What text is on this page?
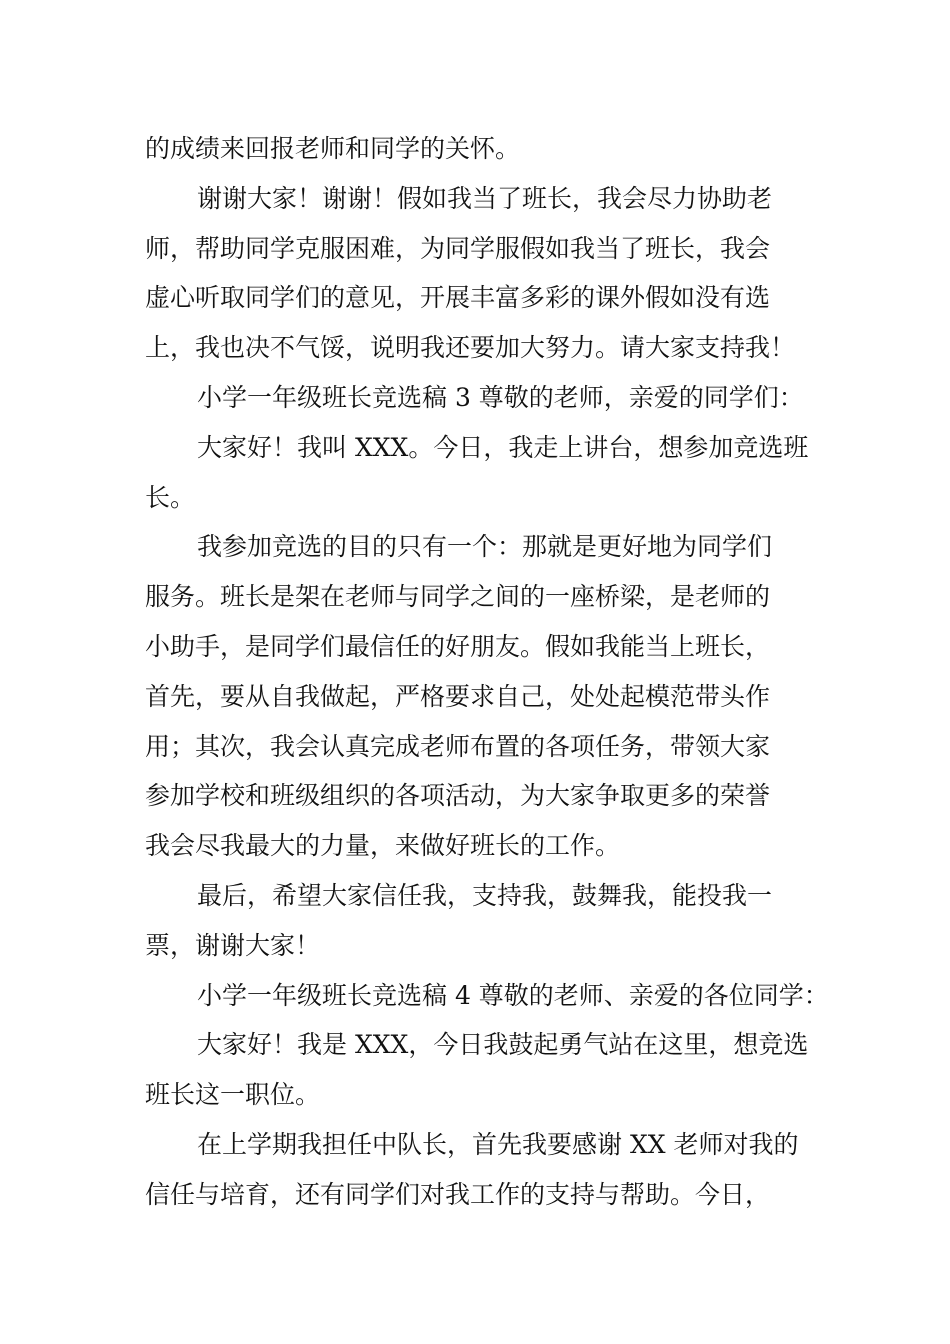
的成绩来回报老师和同学的关怀。
谢谢大家！谢谢！假如我当了班长，我会尽力协助老
师，帮助同学克服困难，为同学服假如我当了班长，我会
虚心听取同学们的意见，开展丰富多彩的课外假如没有选
上，我也决不气馁，说明我还要加大努力。请大家支持我！
小学一年级班长竞选稿 3 尊敬的老师，亲爱的同学们：
大家好！我叫 XXX。今日，我走上讲台，想参加竞选班
长。
我参加竞选的目的只有一个：那就是更好地为同学们
服务。班长是架在老师与同学之间的一座桥梁，是老师的
小助手，是同学们最信任的好朋友。假如我能当上班长，
首先，要从自我做起，严格要求自己，处处起模范带头作
用；其次，我会认真完成老师布置的各项任务，带领大家
参加学校和班级组织的各项活动，为大家争取更多的荣誉
我会尽我最大的力量，来做好班长的工作。
最后，希望大家信任我，支持我，鼓舞我，能投我一
票，谢谢大家！
小学一年级班长竞选稿 4 尊敬的老师、亲爱的各位同学：
大家好！我是 XXX，今日我鼓起勇气站在这里，想竞选
班长这一职位。
在上学期我担任中队长，首先我要感谢 XX 老师对我的
信任与培育，还有同学们对我工作的支持与帮助。今日，
